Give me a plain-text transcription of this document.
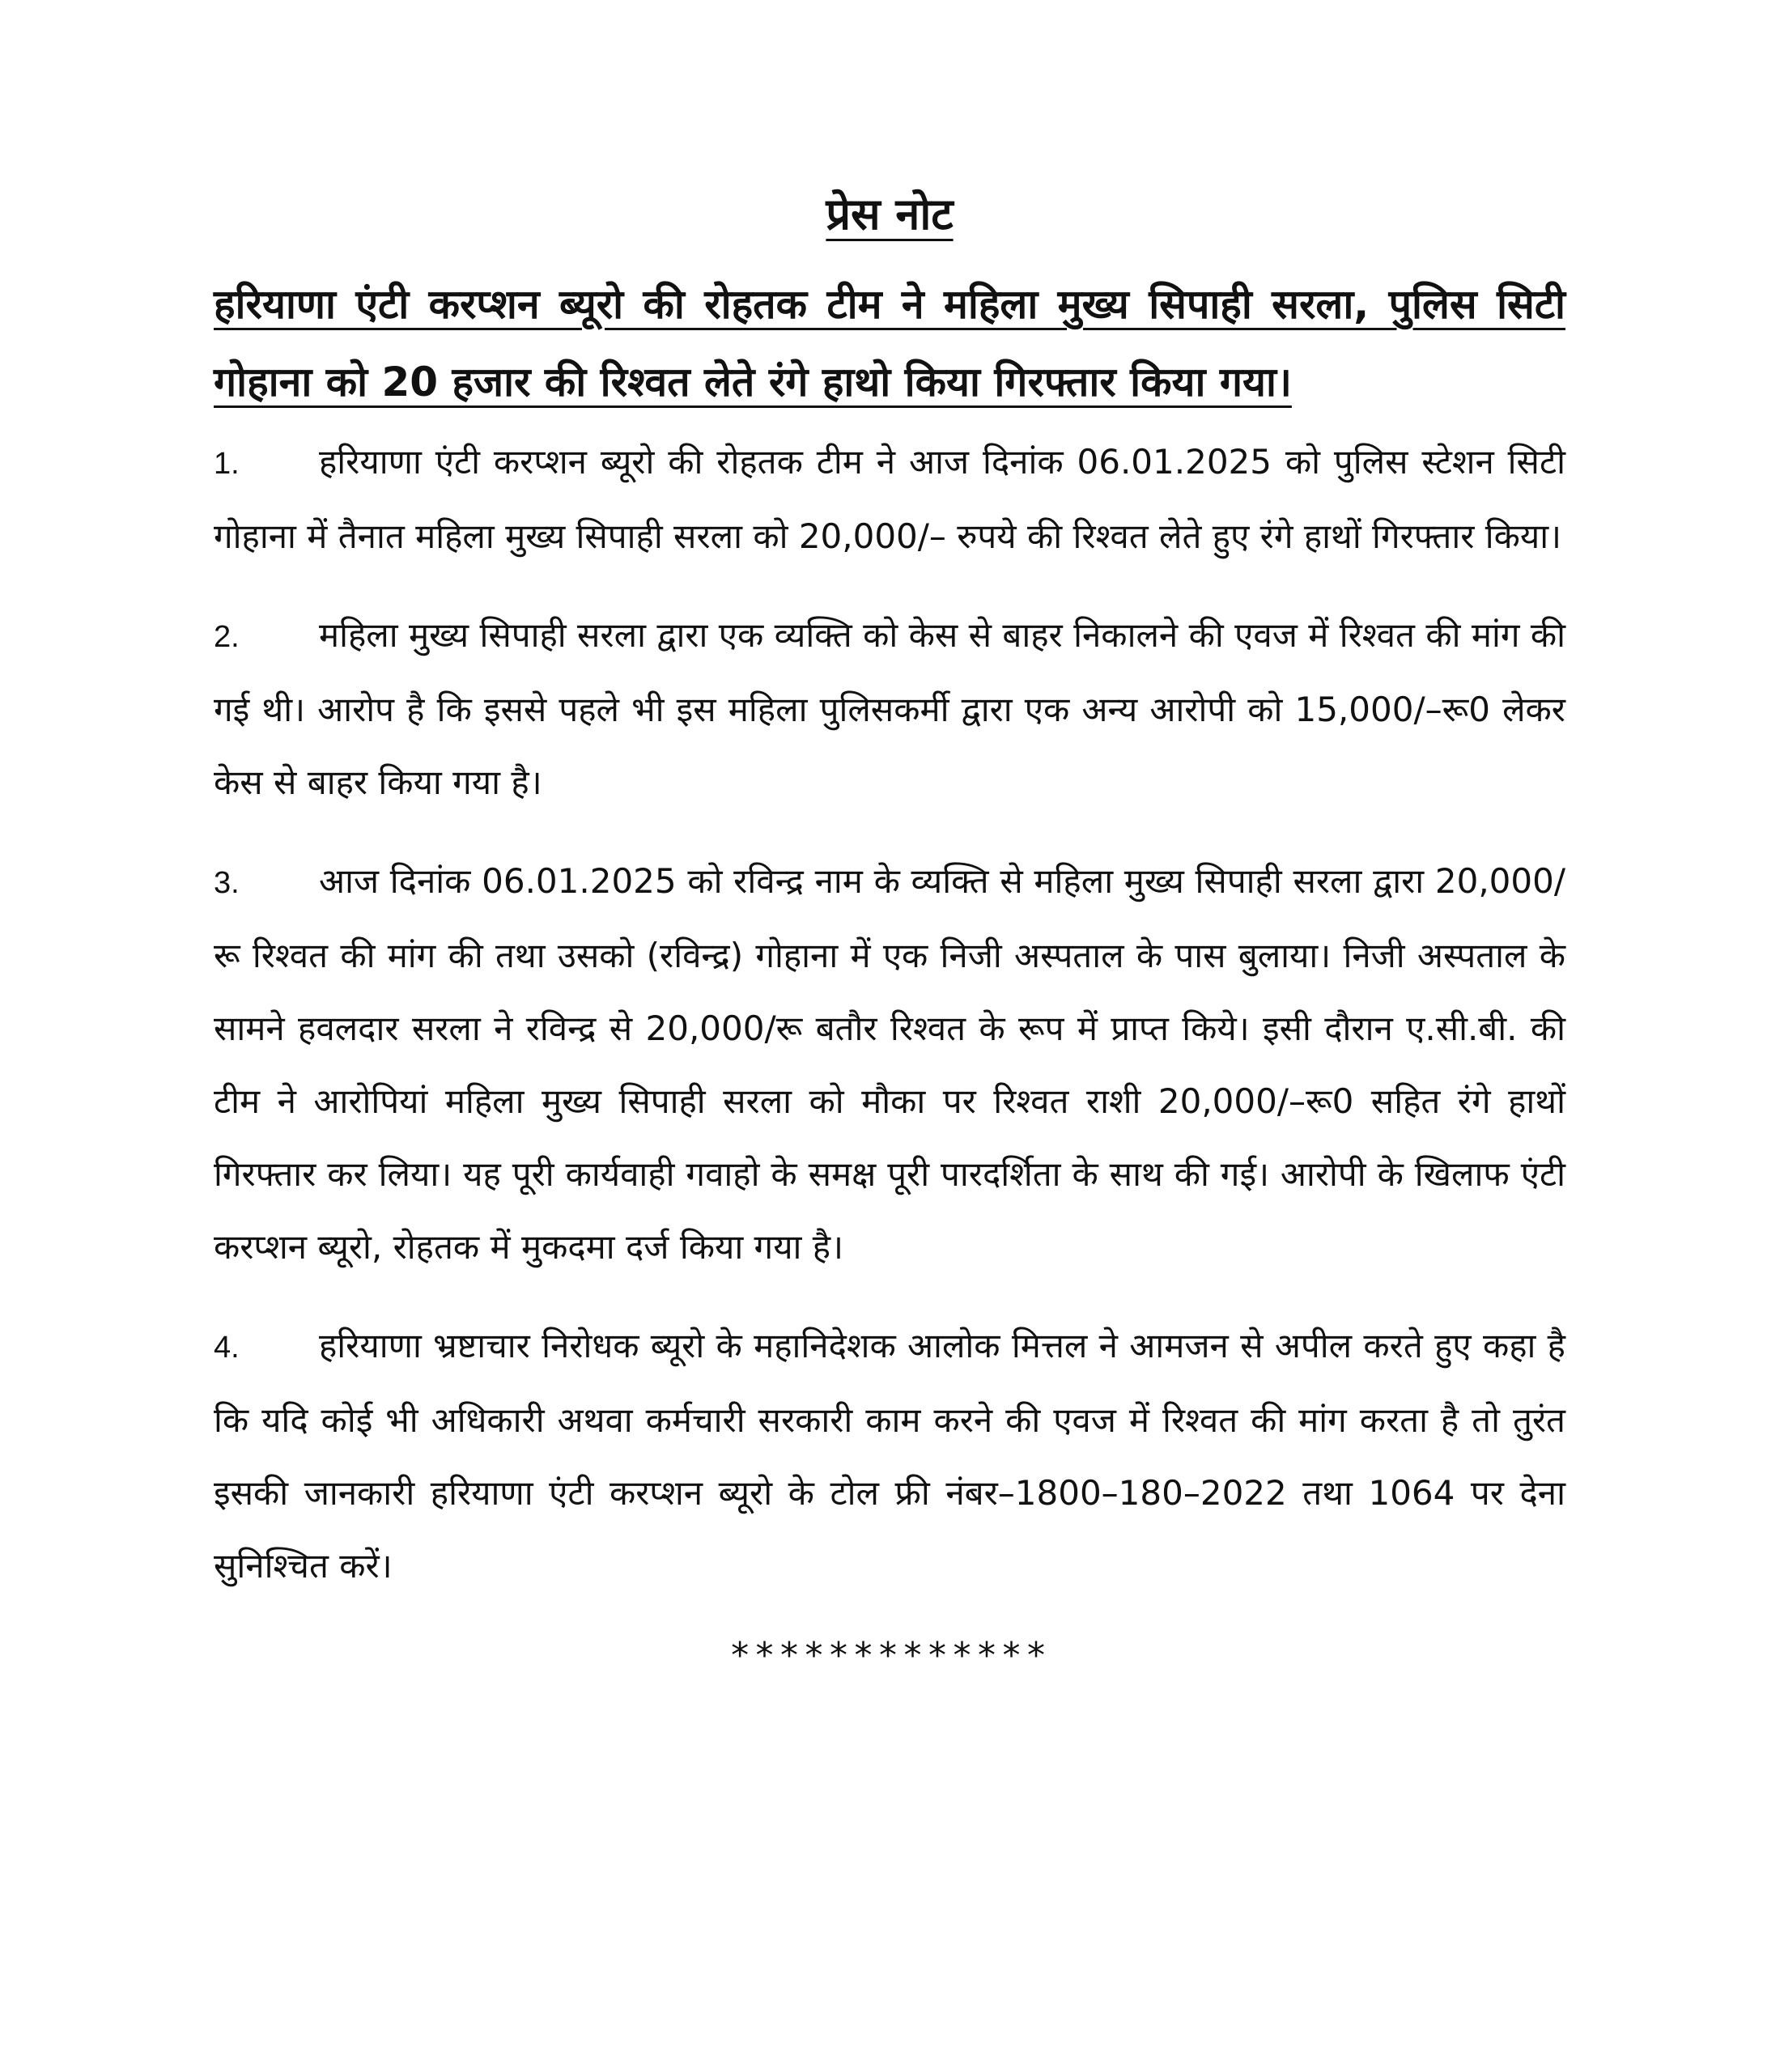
प्रेस नोट
हरियाणा एंटी करप्शन ब्यूरो की रोहतक टीम ने महिला मुख्य सिपाही सरला, पुलिस सिटी गोहाना को 20 हजार की रिश्वत लेते रंगे हाथो किया गिरफ्तार किया गया।
1. हरियाणा एंटी करप्शन ब्यूरो की रोहतक टीम ने आज दिनांक 06.01.2025 को पुलिस स्टेशन सिटी गोहाना में तैनात महिला मुख्य सिपाही सरला को 20,000/– रुपये की रिश्वत लेते हुए रंगे हाथों गिरफ्तार किया।
2. महिला मुख्य सिपाही सरला द्वारा एक व्यक्ति को केस से बाहर निकालने की एवज में रिश्वत की मांग की गई थी। आरोप है कि इससे पहले भी इस महिला पुलिसकर्मी द्वारा एक अन्य आरोपी को 15,000/–रू0 लेकर केस से बाहर किया गया है।
3. आज दिनांक 06.01.2025 को रविन्द्र नाम के व्यक्ति से महिला मुख्य सिपाही सरला द्वारा 20,000/रू रिश्वत की मांग की तथा उसको (रविन्द्र) गोहाना में एक निजी अस्पताल के पास बुलाया। निजी अस्पताल के सामने हवलदार सरला ने रविन्द्र से 20,000/रू बतौर रिश्वत के रूप में प्राप्त किये। इसी दौरान ए.सी.बी. की टीम ने आरोपियां महिला मुख्य सिपाही सरला को मौका पर रिश्वत राशी 20,000/–रू0 सहित रंगे हाथों गिरफ्तार कर लिया। यह पूरी कार्यवाही गवाहो के समक्ष पूरी पारदर्शिता के साथ की गई। आरोपी के खिलाफ एंटी करप्शन ब्यूरो, रोहतक में मुकदमा दर्ज किया गया है।
4. हरियाणा भ्रष्टाचार निरोधक ब्यूरो के महानिदेशक आलोक मित्तल ने आमजन से अपील करते हुए कहा है कि यदि कोई भी अधिकारी अथवा कर्मचारी सरकारी काम करने की एवज में रिश्वत की मांग करता है तो तुरंत इसकी जानकारी हरियाणा एंटी करप्शन ब्यूरो के टोल फ्री नंबर–1800–180–2022 तथा 1064 पर देना सुनिश्चित करें।
*************
